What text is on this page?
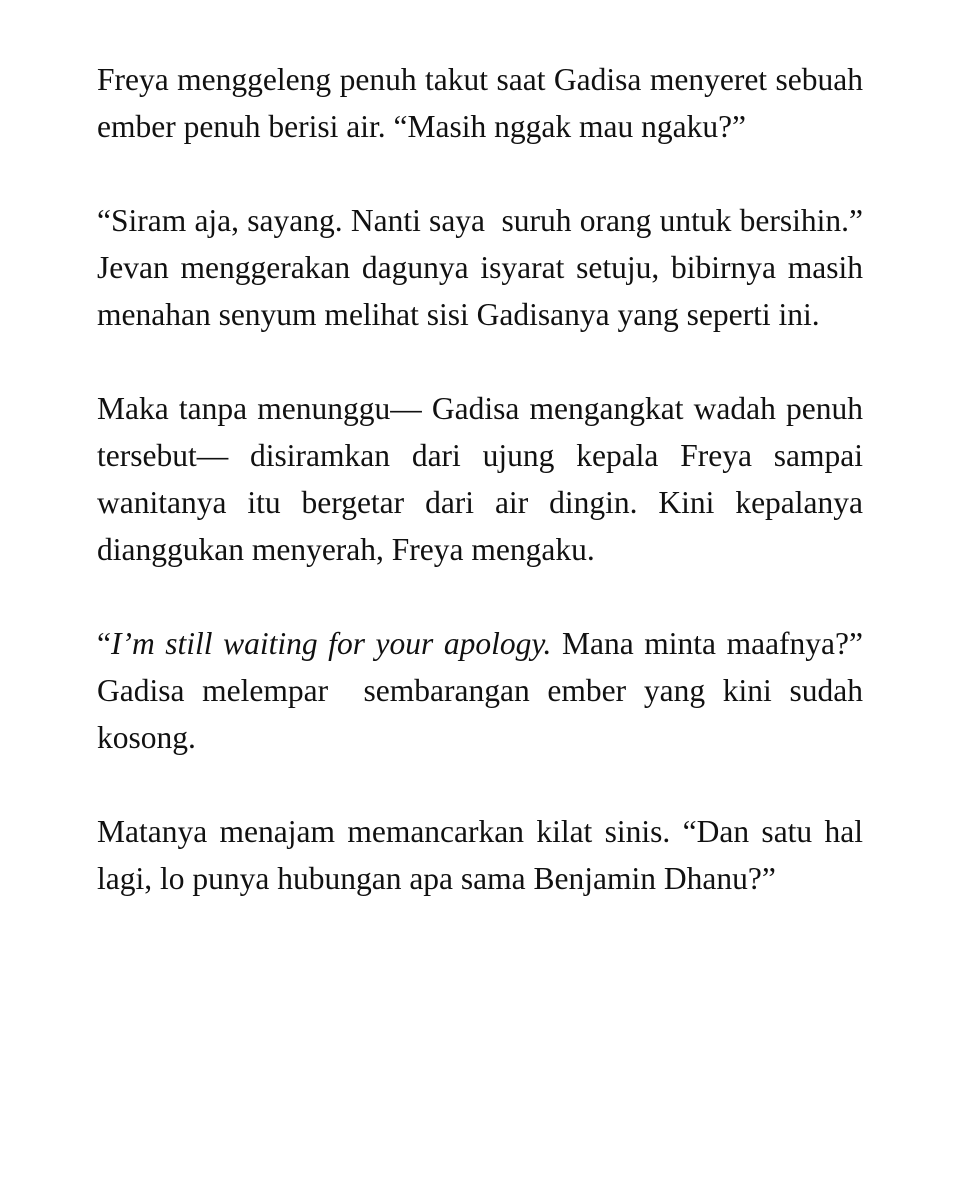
Freya menggeleng penuh takut saat Gadisa menyeret sebuah ember penuh berisi air. “Masih nggak mau ngaku?”

“Siram aja, sayang. Nanti saya  suruh orang untuk bersihin.” Jevan menggerakan dagunya isyarat setuju, bibirnya masih menahan senyum melihat sisi Gadisanya yang seperti ini.

Maka tanpa menunggu— Gadisa mengangkat wadah penuh tersebut— disiramkan dari ujung kepala Freya sampai wanitanya itu bergetar dari air dingin. Kini kepalanya dianggukan menyerah, Freya mengaku.

“I’m still waiting for your apology. Mana minta maafnya?” Gadisa melempar  sembarangan ember yang kini sudah kosong.

Matanya menajam memancarkan kilat sinis. “Dan satu hal lagi, lo punya hubungan apa sama Benjamin Dhanu?”
